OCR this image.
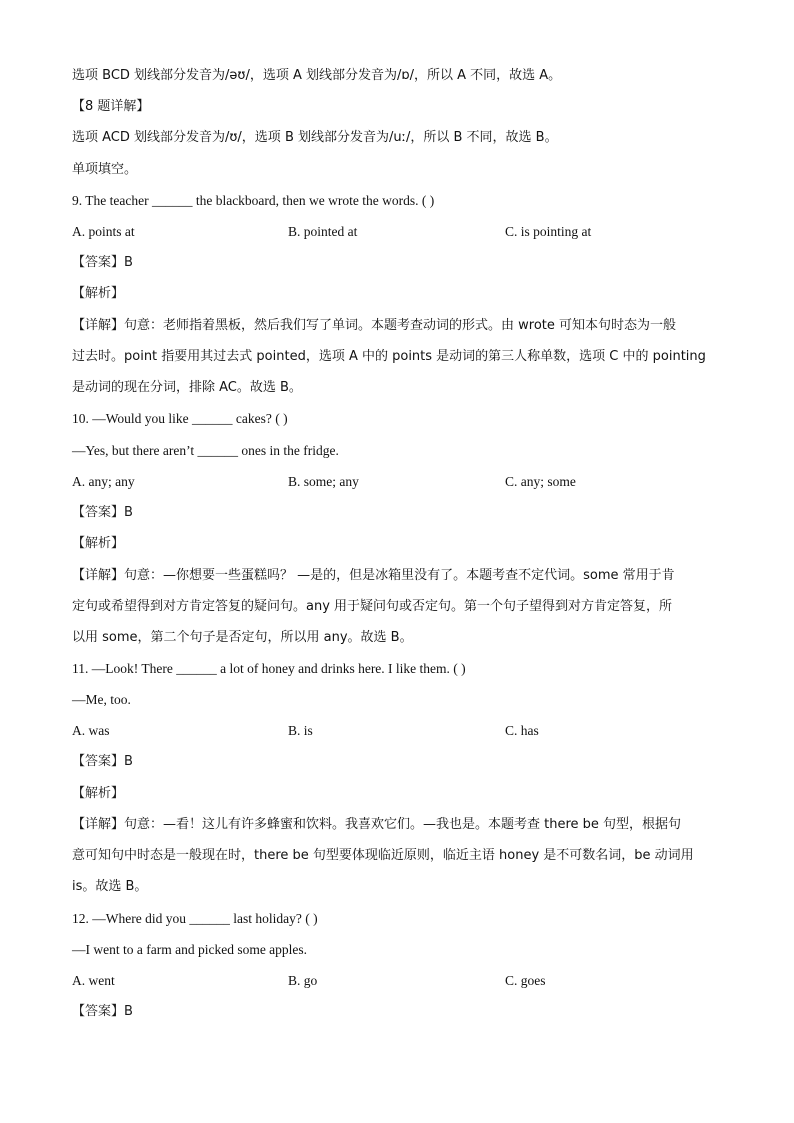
选项 BCD 划线部分发音为/əʊ/，选项 A 划线部分发音为/ɒ/，所以 A 不同，故选 A。
【8 题详解】
选项 ACD 划线部分发音为/ʊ/，选项 B 划线部分发音为/uː/，所以 B 不同，故选 B。
单项填空。
9. The teacher ______ the blackboard, then we wrote the words. ( )
A. points at	B. pointed at	C. is pointing at
【答案】B
【解析】
【详解】句意：老师指着黑板，然后我们写了单词。本题考查动词的形式。由 wrote 可知本句时态为一般
过去时。point 指要用其过去式 pointed，选项 A 中的 points 是动词的第三人称单数，选项 C 中的 pointing
是动词的现在分词，排除 AC。故选 B。
10. —Would you like ______ cakes? ( )
—Yes, but there aren’t ______ ones in the fridge.
A. any; any	B. some; any	C. any; some
【答案】B
【解析】
【详解】句意：—你想要一些蛋糕吗？ —是的，但是冰箱里没有了。本题考查不定代词。some 常用于肯
定句或希望得到对方肯定答复的疑问句。any 用于疑问句或否定句。第一个句子望得到对方肯定答复，所
以用 some，第二个句子是否定句，所以用 any。故选 B。
11. —Look! There ______ a lot of honey and drinks here. I like them. ( )
—Me, too.
A. was	B. is	C. has
【答案】B
【解析】
【详解】句意：—看！这儿有许多蜂蜜和饮料。我喜欢它们。—我也是。本题考查 there be 句型，根据句
意可知句中时态是一般现在时，there be 句型要体现临近原则，临近主语 honey 是不可数名词，be 动词用
is。故选 B。
12. —Where did you ______ last holiday? ( )
—I went to a farm and picked some apples.
A. went	B. go	C. goes
【答案】B
